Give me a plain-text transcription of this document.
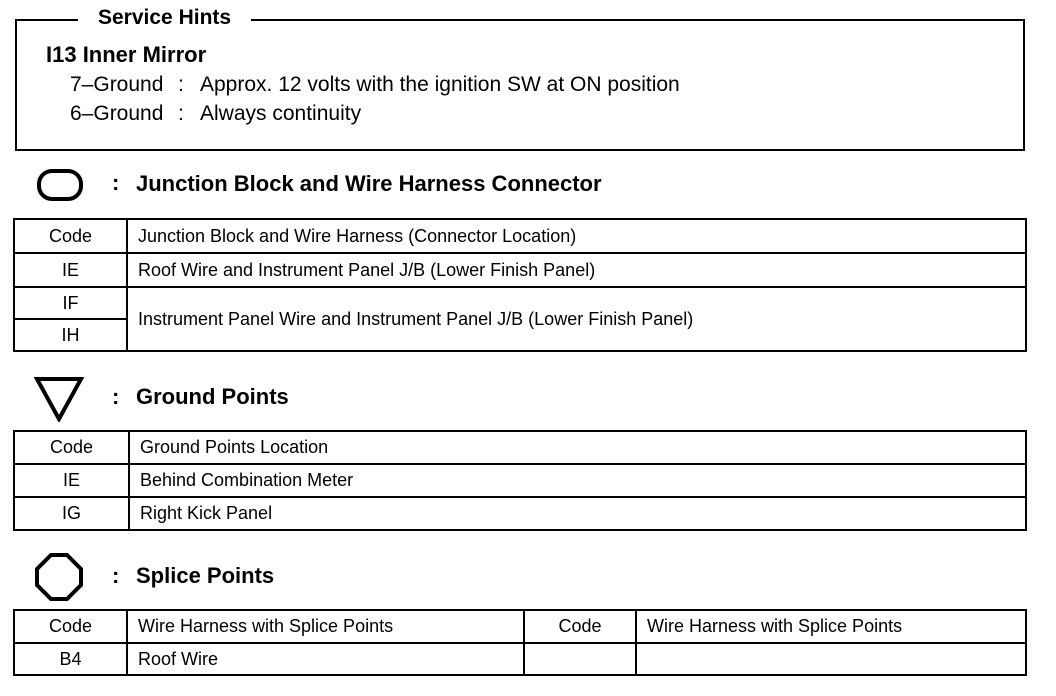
Service Hints
I13 Inner Mirror
7–Ground : Approx. 12 volts with the ignition SW at ON position
6–Ground : Always continuity
: Junction Block and Wire Harness Connector
Code	Junction Block and Wire Harness (Connector Location)
IE	Roof Wire and Instrument Panel J/B (Lower Finish Panel)
IF	Instrument Panel Wire and Instrument Panel J/B (Lower Finish Panel)
IH	
: Ground Points
Code	Ground Points Location
IE	Behind Combination Meter
IG	Right Kick Panel
: Splice Points
Code	Wire Harness with Splice Points	Code	Wire Harness with Splice Points
B4	Roof Wire		
